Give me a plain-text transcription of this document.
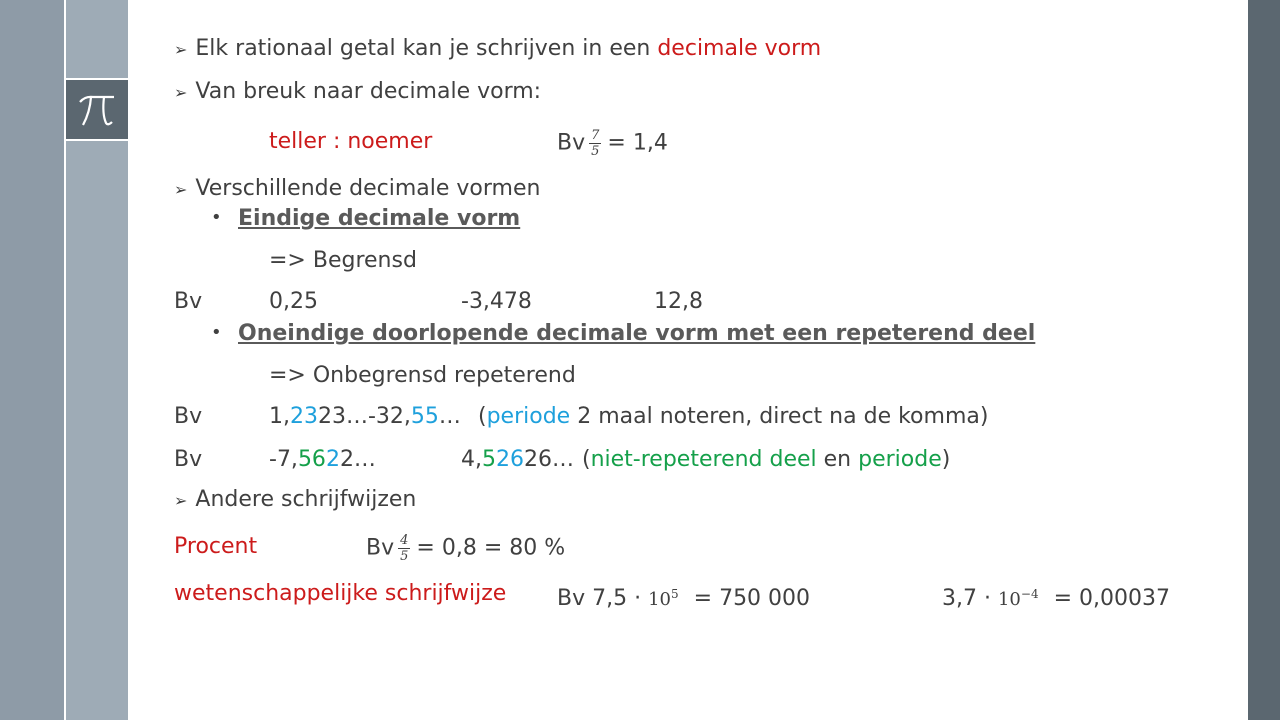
➢ Elk rationaal getal kan je schrijven in een decimale vorm
➢ Van breuk naar decimale vorm:
teller : noemer	Bv $\frac{7}{5} = 1,4$
➢ Verschillende decimale vormen
• Eindige decimale vorm
=> Begrensd
Bv	0,25	-3,478	12,8
• Oneindige doorlopende decimale vorm met een repeterend deel
=> Onbegrensd repeterend
Bv	1,2323…-32,55… (periode 2 maal noteren, direct na de komma)
Bv	-7,5622…	4,52626… (niet-repeterend deel en periode)
➢ Andere schrijfwijzen
Procent	Bv $\frac{4}{5} = 0,8 = 80$ %
wetenschappelijke schrijfwijze Bv $7,5 \cdot 10^5 = 750$ 000	$3,7 \cdot 10^{-4} = 0,00037$
